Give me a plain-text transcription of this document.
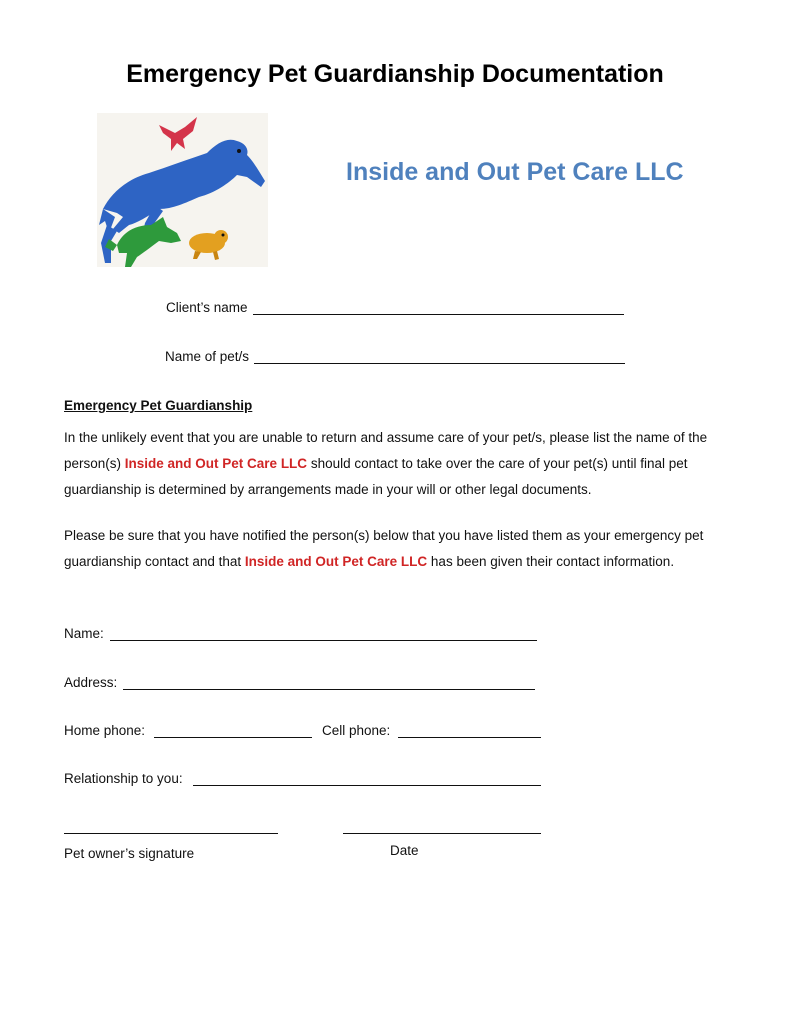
Emergency Pet Guardianship Documentation
Inside and Out Pet Care LLC
Client’s name
Name of pet/s
Emergency Pet Guardianship
In the unlikely event that you are unable to return and assume care of your pet/s, please list the name of the person(s) Inside and Out Pet Care LLC should contact to take over the care of your pet(s) until final pet guardianship is determined by arrangements made in your will or other legal documents.
Please be sure that you have notified the person(s) below that you have listed them as your emergency pet guardianship contact and that Inside and Out Pet Care LLC has been given their contact information.
Name:
Address:
Home phone:	Cell phone:
Relationship to you:
Pet owner’s signature	Date
